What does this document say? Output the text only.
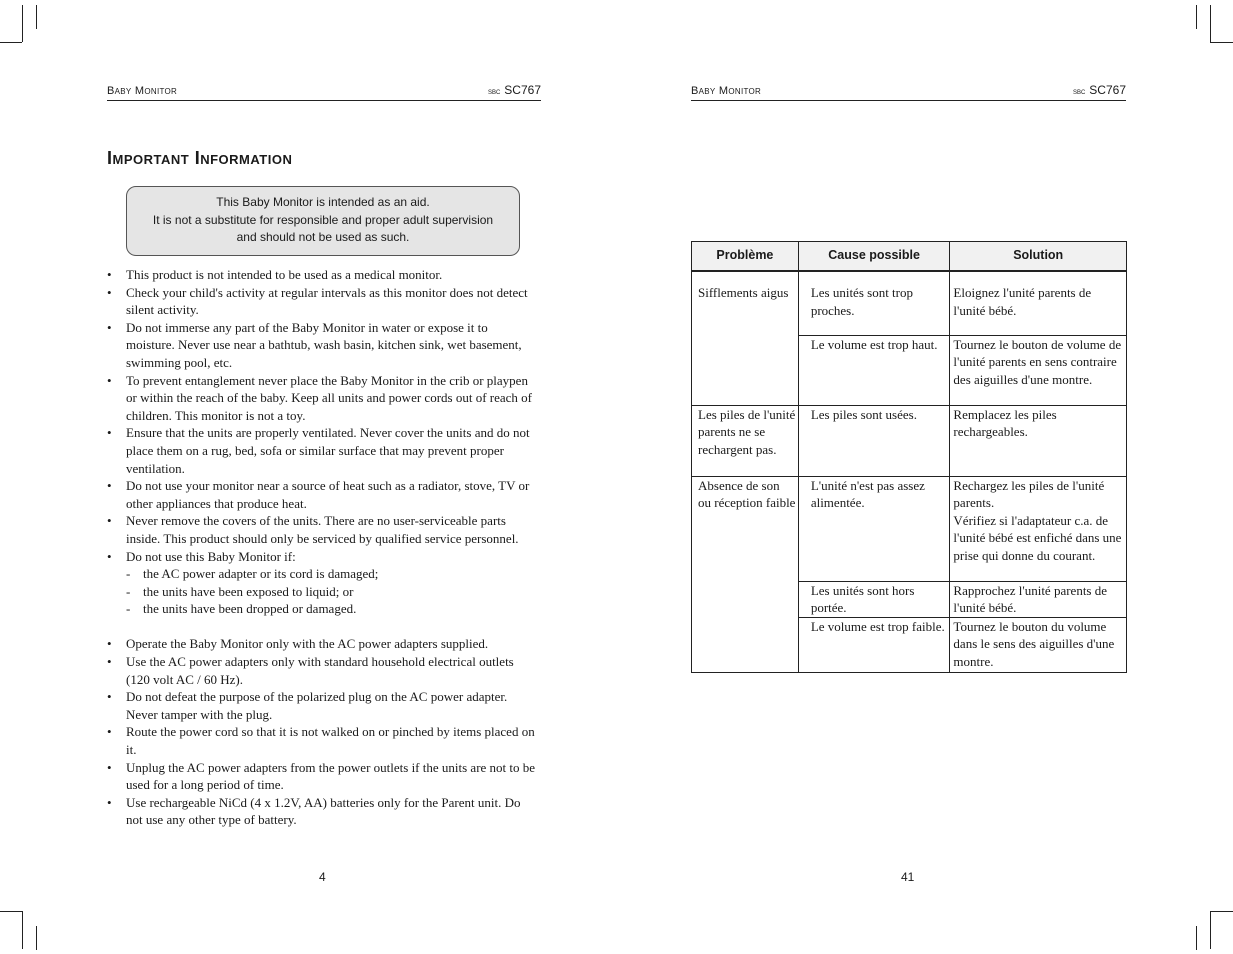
Baby Monitor	sbc SC767
Important Information
This Baby Monitor is intended as an aid.
It is not a substitute for responsible and proper adult supervision
and should not be used as such.
• This product is not intended to be used as a medical monitor.
• Check your child's activity at regular intervals as this monitor does not detect silent activity.
• Do not immerse any part of the Baby Monitor in water or expose it to moisture. Never use near a bathtub, wash basin, kitchen sink, wet basement, swimming pool, etc.
• To prevent entanglement never place the Baby Monitor in the crib or playpen or within the reach of the baby. Keep all units and power cords out of reach of children. This monitor is not a toy.
• Ensure that the units are properly ventilated. Never cover the units and do not place them on a rug, bed, sofa or similar surface that may prevent proper ventilation.
• Do not use your monitor near a source of heat such as a radiator, stove, TV or other appliances that produce heat.
• Never remove the covers of the units. There are no user-serviceable parts inside. This product should only be serviced by qualified service personnel.
• Do not use this Baby Monitor if:
- the AC power adapter or its cord is damaged;
- the units have been exposed to liquid; or
- the units have been dropped or damaged.
• Operate the Baby Monitor only with the AC power adapters supplied.
• Use the AC power adapters only with standard household electrical outlets (120 volt AC / 60 Hz).
• Do not defeat the purpose of the polarized plug on the AC power adapter. Never tamper with the plug.
• Route the power cord so that it is not walked on or pinched by items placed on it.
• Unplug the AC power adapters from the power outlets if the units are not to be used for a long period of time.
• Use rechargeable NiCd (4 x 1.2V, AA) batteries only for the Parent unit. Do not use any other type of battery.
4
Baby Monitor	sbc SC767
Problème	Cause possible	Solution
Sifflements aigus	Les unités sont trop proches.	Eloignez l'unité parents de l'unité bébé.
	Le volume est trop haut.	Tournez le bouton de volume de l'unité parents en sens contraire des aiguilles d'une montre.
Les piles de l'unité parents ne se rechargent pas.	Les piles sont usées.	Remplacez les piles rechargeables.
Absence de son ou réception faible	L'unité n'est pas assez alimentée.	Rechargez les piles de l'unité parents.
Vérifiez si l'adaptateur c.a. de l'unité bébé est enfiché dans une prise qui donne du courant.
	Les unités sont hors portée.	Rapprochez l'unité parents de l'unité bébé.
	Le volume est trop faible.	Tournez le bouton du volume dans le sens des aiguilles d'une montre.
41
